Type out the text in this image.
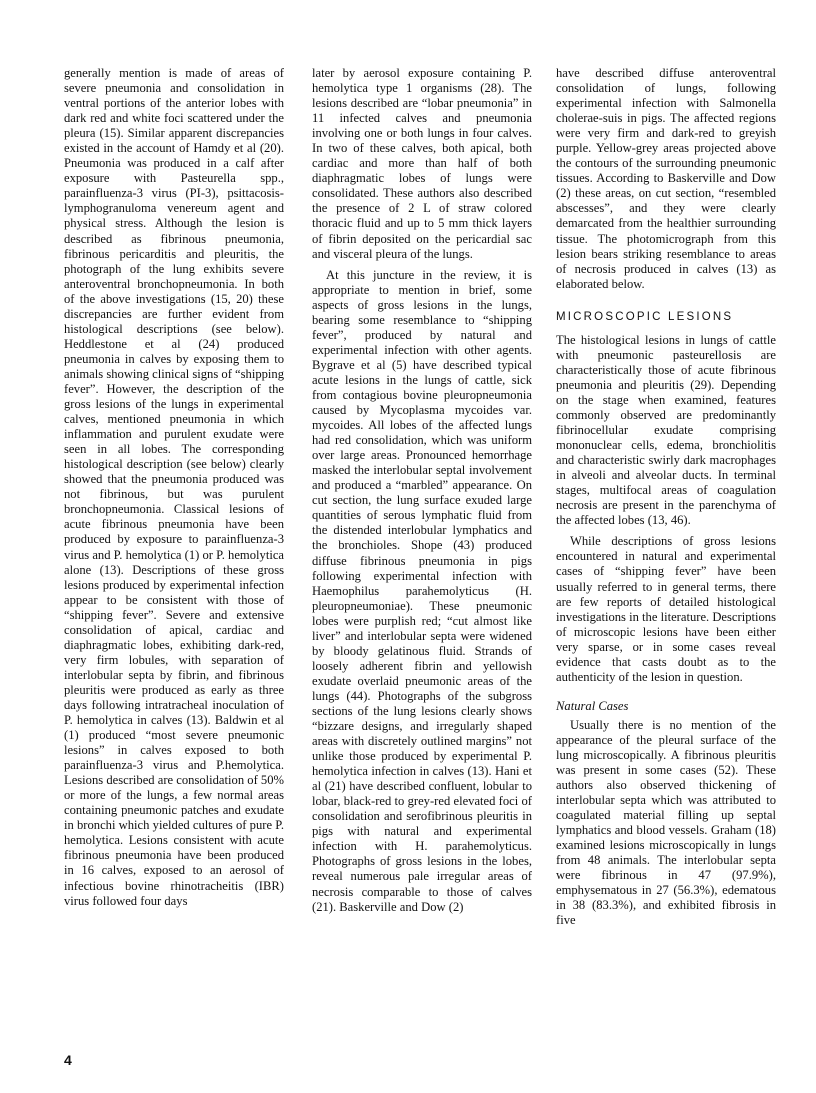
generally mention is made of areas of severe pneumonia and consolidation in ventral portions of the anterior lobes with dark red and white foci scattered under the pleura (15). Similar apparent discrepancies existed in the account of Hamdy et al (20). Pneumonia was produced in a calf after exposure with Pasteurella spp., parainfluenza-3 virus (PI-3), psittacosis-lymphogranuloma venereum agent and physical stress. Although the lesion is described as fibrinous pneumonia, fibrinous pericarditis and pleuritis, the photograph of the lung exhibits severe anteroventral bronchopneumonia. In both of the above investigations (15, 20) these discrepancies are further evident from histological descriptions (see below). Heddlestone et al (24) produced pneumonia in calves by exposing them to animals showing clinical signs of “shipping fever”. However, the description of the gross lesions of the lungs in experimental calves, mentioned pneumonia in which inflammation and purulent exudate were seen in all lobes. The corresponding histological description (see below) clearly showed that the pneumonia produced was not fibrinous, but was purulent bronchopneumonia. Classical lesions of acute fibrinous pneumonia have been produced by exposure to parainfluenza-3 virus and P. hemolytica (1) or P. hemolytica alone (13). Descriptions of these gross lesions produced by experimental infection appear to be consistent with those of “shipping fever”. Severe and extensive consolidation of apical, cardiac and diaphragmatic lobes, exhibiting dark-red, very firm lobules, with separation of interlobular septa by fibrin, and fibrinous pleuritis were produced as early as three days following intratracheal inoculation of P. hemolytica in calves (13). Baldwin et al (1) produced “most severe pneumonic lesions” in calves exposed to both parainfluenza-3 virus and P.hemolytica. Lesions described are consolidation of 50% or more of the lungs, a few normal areas containing pneumonic patches and exudate in bronchi which yielded cultures of pure P. hemolytica. Lesions consistent with acute fibrinous pneumonia have been produced in 16 calves, exposed to an aerosol of infectious bovine rhinotracheitis (IBR) virus followed four days

later by aerosol exposure containing P. hemolytica type 1 organisms (28). The lesions described are “lobar pneumonia” in 11 infected calves and pneumonia involving one or both lungs in four calves. In two of these calves, both apical, both cardiac and more than half of both diaphragmatic lobes of lungs were consolidated. These authors also described the presence of 2 L of straw colored thoracic fluid and up to 5 mm thick layers of fibrin deposited on the pericardial sac and visceral pleura of the lungs.

At this juncture in the review, it is appropriate to mention in brief, some aspects of gross lesions in the lungs, bearing some resemblance to “shipping fever”, produced by natural and experimental infection with other agents. Bygrave et al (5) have described typical acute lesions in the lungs of cattle, sick from contagious bovine pleuropneumonia caused by Mycoplasma mycoides var. mycoides. All lobes of the affected lungs had red consolidation, which was uniform over large areas. Pronounced hemorrhage masked the interlobular septal involvement and produced a “marbled” appearance. On cut section, the lung surface exuded large quantities of serous lymphatic fluid from the distended interlobular lymphatics and the bronchioles. Shope (43) produced diffuse fibrinous pneumonia in pigs following experimental infection with Haemophilus parahemolyticus (H. pleuropneumoniae). These pneumonic lobes were purplish red; “cut almost like liver” and interlobular septa were widened by bloody gelatinous fluid. Strands of loosely adherent fibrin and yellowish exudate overlaid pneumonic areas of the lungs (44). Photographs of the subgross sections of the lung lesions clearly shows “bizzare designs, and irregularly shaped areas with discretely outlined margins” not unlike those produced by experimental P. hemolytica infection in calves (13). Hani et al (21) have described confluent, lobular to lobar, black-red to grey-red elevated foci of consolidation and serofibrinous pleuritis in pigs with natural and experimental infection with H. parahemolyticus. Photographs of gross lesions in the lobes, reveal numerous pale irregular areas of necrosis comparable to those of calves (21). Baskerville and Dow (2)

have described diffuse anteroventral consolidation of lungs, following experimental infection with Salmonella cholerae-suis in pigs. The affected regions were very firm and dark-red to greyish purple. Yellow-grey areas projected above the contours of the surrounding pneumonic tissues. According to Baskerville and Dow (2) these areas, on cut section, “resembled abscesses”, and they were clearly demarcated from the healthier surrounding tissue. The photomicrograph from this lesion bears striking resemblance to areas of necrosis produced in calves (13) as elaborated below.

MICROSCOPIC LESIONS

The histological lesions in lungs of cattle with pneumonic pasteurellosis are characteristically those of acute fibrinous pneumonia and pleuritis (29). Depending on the stage when examined, features commonly observed are predominantly fibrinocellular exudate comprising mononuclear cells, edema, bronchiolitis and characteristic swirly dark macrophages in alveoli and alveolar ducts. In terminal stages, multifocal areas of coagulation necrosis are present in the parenchyma of the affected lobes (13, 46).

While descriptions of gross lesions encountered in natural and experimental cases of “shipping fever” have been usually referred to in general terms, there are few reports of detailed histological investigations in the literature. Descriptions of microscopic lesions have been either very sparse, or in some cases reveal evidence that casts doubt as to the authenticity of the lesion in question.

Natural Cases

Usually there is no mention of the appearance of the pleural surface of the lung microscopically. A fibrinous pleuritis was present in some cases (52). These authors also observed thickening of interlobular septa which was attributed to coagulated material filling up septal lymphatics and blood vessels. Graham (18) examined lesions microscopically in lungs from 48 animals. The interlobular septa were fibrinous in 47 (97.9%), emphysematous in 27 (56.3%), edematous in 38 (83.3%), and exhibited fibrosis in five

4
